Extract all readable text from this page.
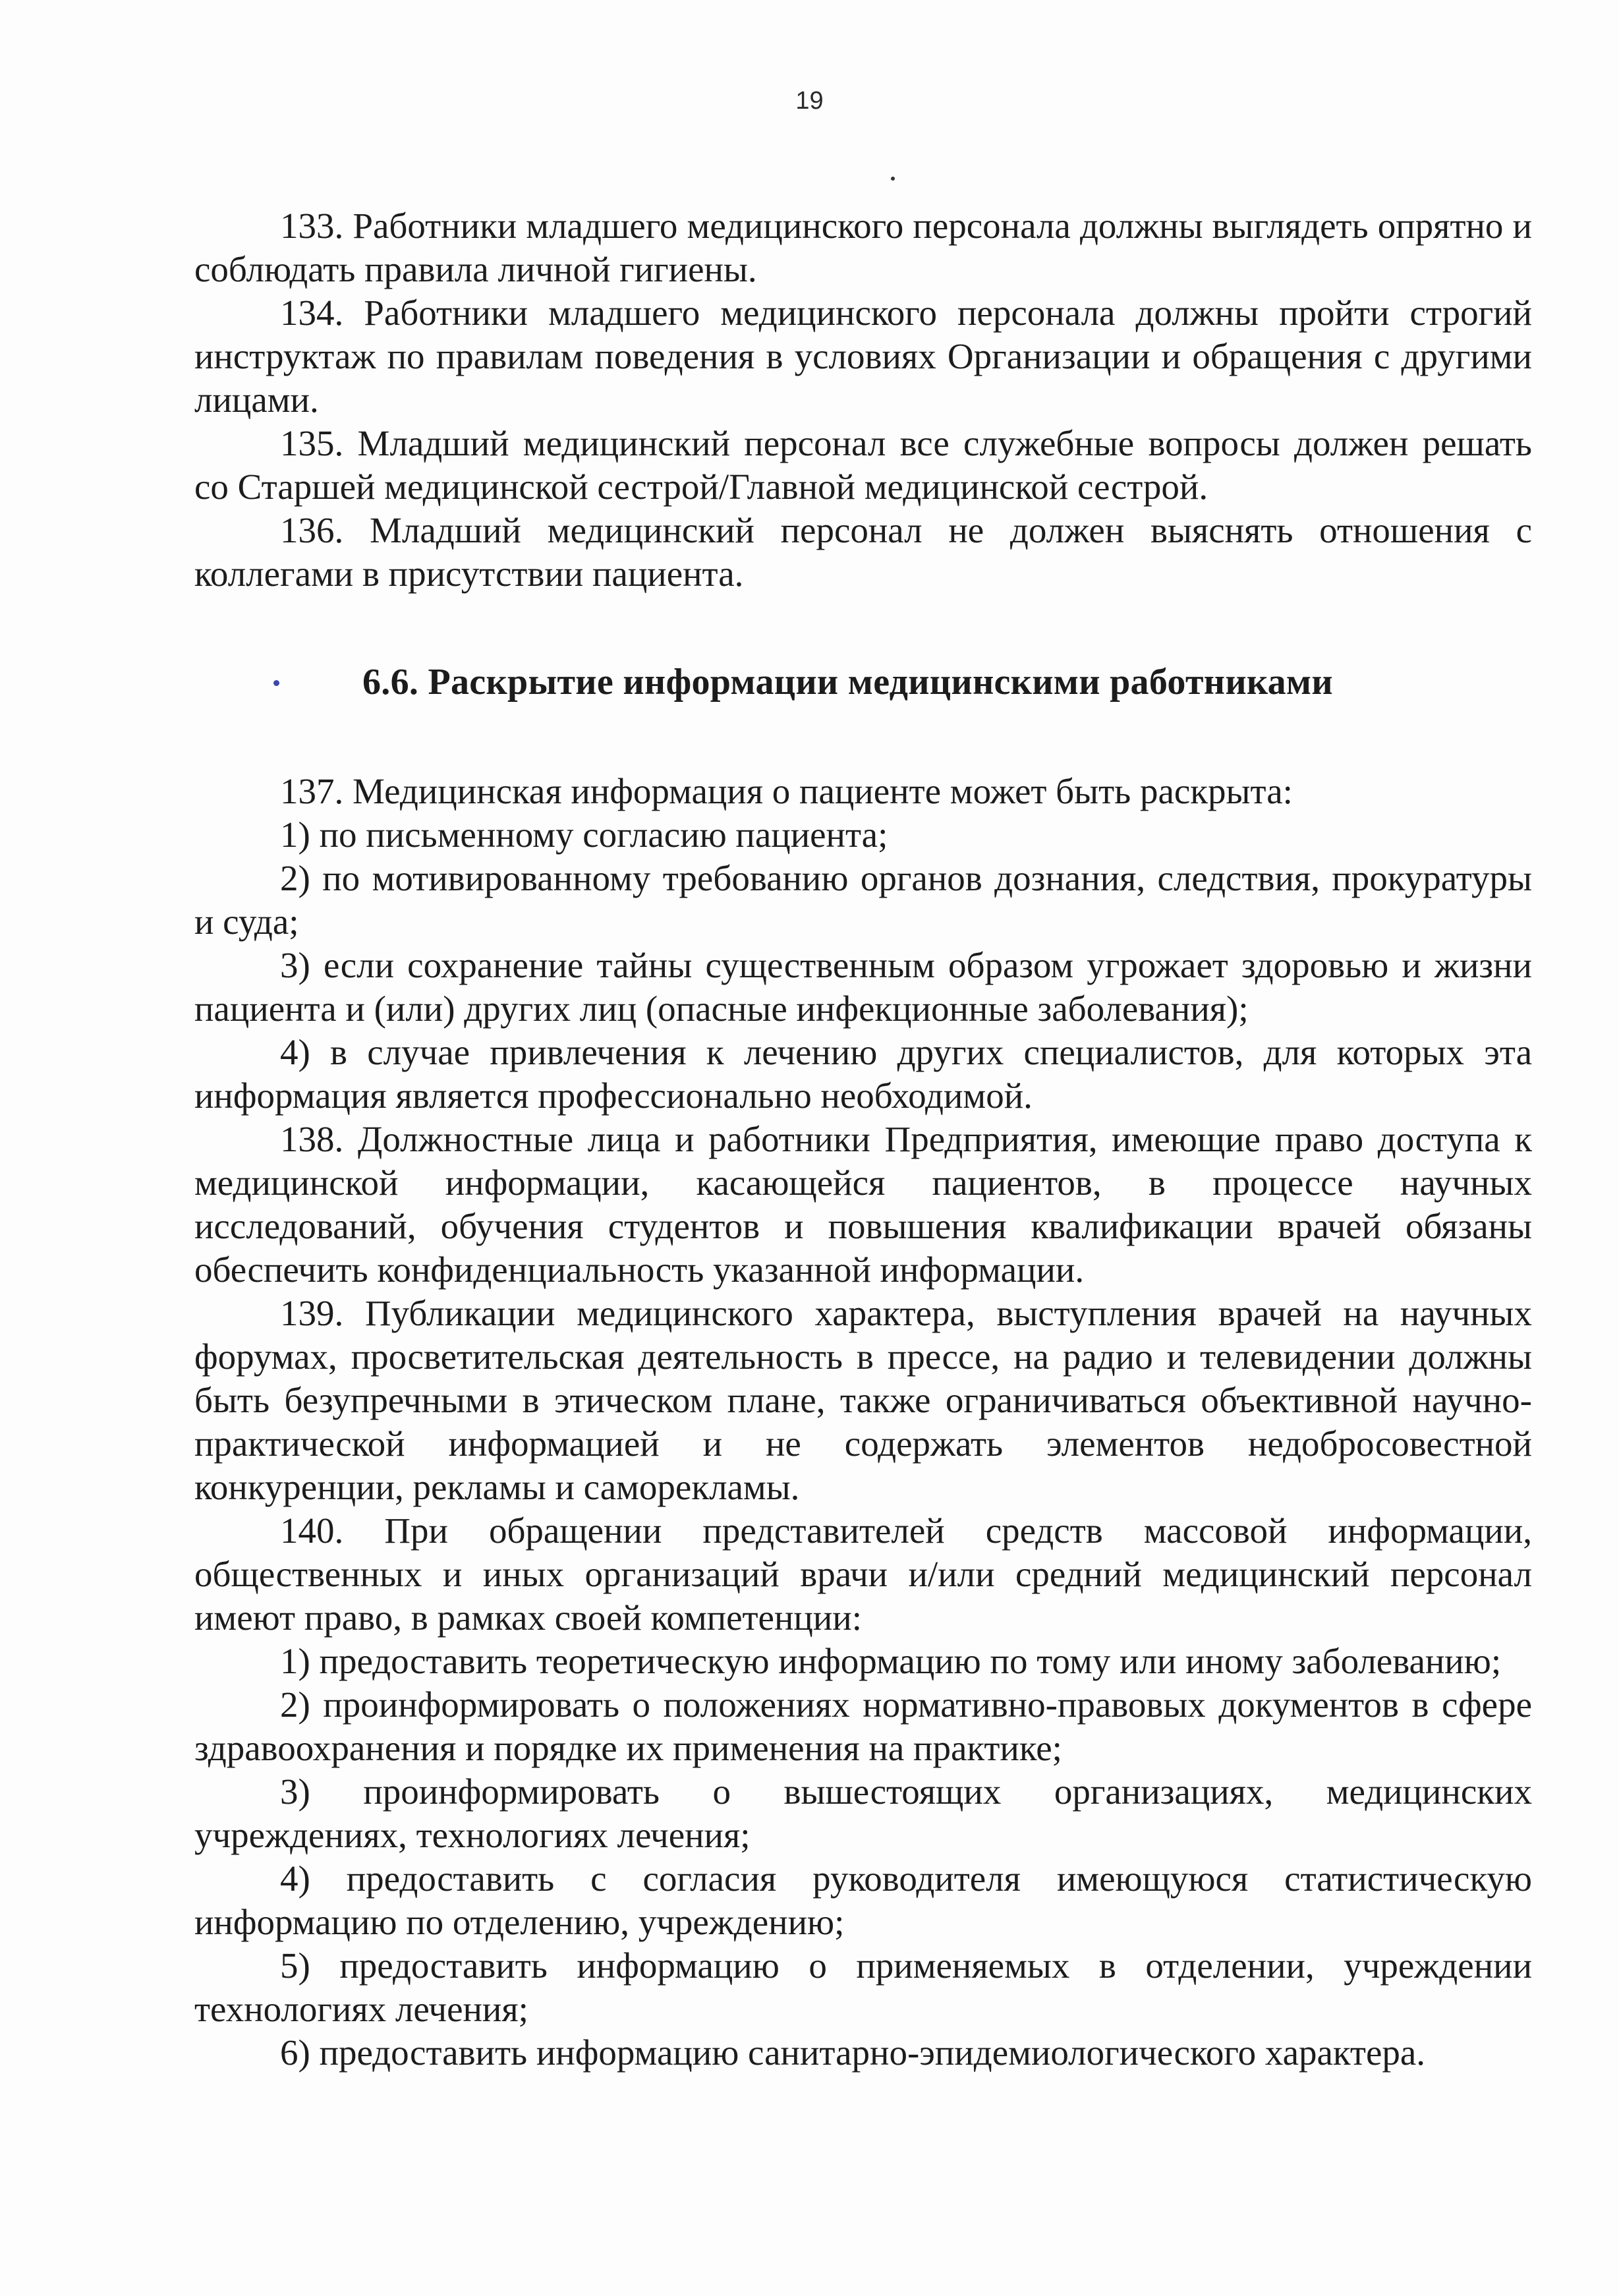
19

133. Работники младшего медицинского персонала должны выглядеть опрятно и соблюдать правила личной гигиены.

134. Работники младшего медицинского персонала должны пройти строгий инструктаж по правилам поведения в условиях Организации и обращения с другими лицами.

135. Младший медицинский персонал все служебные вопросы должен решать со Старшей медицинской сестрой/Главной медицинской сестрой.

136. Младший медицинский персонал не должен выяснять отношения с коллегами в присутствии пациента.

6.6. Раскрытие информации медицинскими работниками

137. Медицинская информация о пациенте может быть раскрыта:

1) по письменному согласию пациента;

2) по мотивированному требованию органов дознания, следствия, прокуратуры и суда;

3) если сохранение тайны существенным образом угрожает здоровью и жизни пациента и (или) других лиц (опасные инфекционные заболевания);

4) в случае привлечения к лечению других специалистов, для которых эта информация является профессионально необходимой.

138. Должностные лица и работники Предприятия, имеющие право доступа к медицинской информации, касающейся пациентов, в процессе научных исследований, обучения студентов и повышения квалификации врачей обязаны обеспечить конфиденциальность указанной информации.

139. Публикации медицинского характера, выступления врачей на научных форумах, просветительская деятельность в прессе, на радио и телевидении должны быть безупречными в этическом плане, также ограничиваться объективной научно-практической информацией и не содержать элементов недобросовестной конкуренции, рекламы и саморекламы.

140. При обращении представителей средств массовой информации, общественных и иных организаций врачи и/или средний медицинский персонал имеют право, в рамках своей компетенции:

1) предоставить теоретическую информацию по тому или иному заболеванию;

2) проинформировать о положениях нормативно-правовых документов в сфере здравоохранения и порядке их применения на практике;

3) проинформировать о вышестоящих организациях, медицинских учреждениях, технологиях лечения;

4) предоставить с согласия руководителя имеющуюся статистическую информацию по отделению, учреждению;

5) предоставить информацию о применяемых в отделении, учреждении технологиях лечения;

6) предоставить информацию санитарно-эпидемиологического характера.
